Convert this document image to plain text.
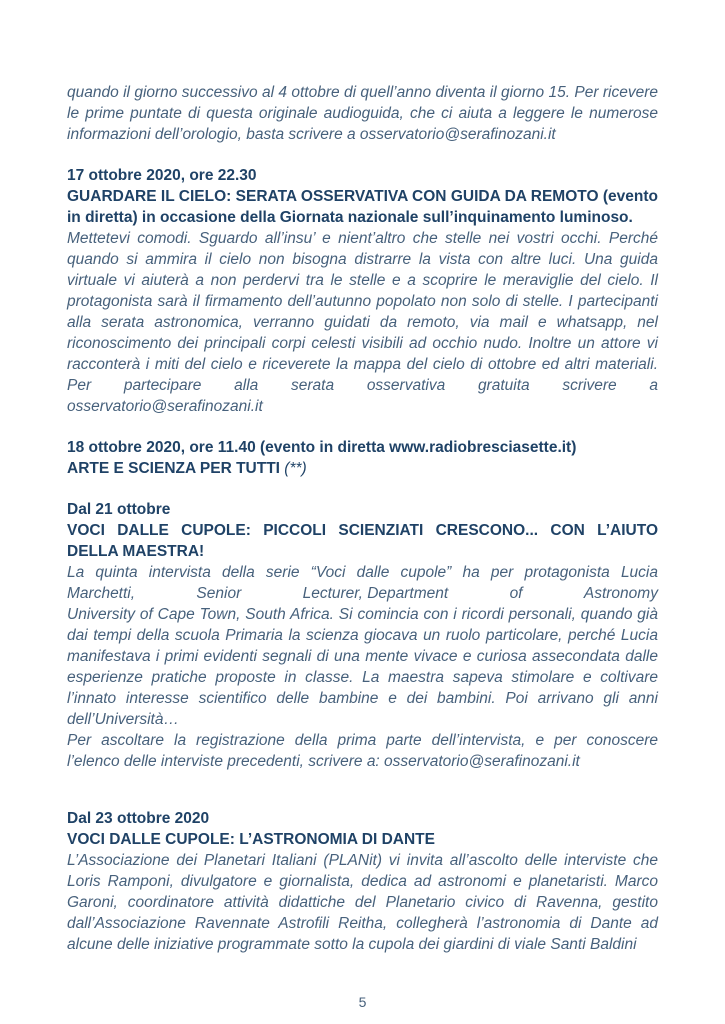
quando il giorno successivo al 4 ottobre di quell’anno diventa il giorno 15. Per ricevere le prime puntate di questa originale audioguida, che ci aiuta a leggere le numerose informazioni dell’orologio, basta scrivere a osservatorio@serafinozani.it

17 ottobre 2020, ore 22.30

GUARDARE IL CIELO: SERATA OSSERVATIVA CON GUIDA DA REMOTO (evento in diretta) in occasione della Giornata nazionale sull’inquinamento luminoso.

Mettetevi comodi. Sguardo all’insu’ e nient’altro che stelle nei vostri occhi. Perché quando si ammira il cielo non bisogna distrarre la vista con altre luci. Una guida virtuale vi aiuterà a non perdervi tra le stelle e a scoprire le meraviglie del cielo. Il protagonista sarà il firmamento dell’autunno popolato non solo di stelle. I partecipanti alla serata astronomica, verranno guidati da remoto, via mail e whatsapp, nel riconoscimento dei principali corpi celesti visibili ad occhio nudo. Inoltre un attore vi racconterà i miti del cielo e riceverete la mappa del cielo di ottobre ed altri materiali. Per partecipare alla serata osservativa gratuita scrivere a osservatorio@serafinozani.it

18 ottobre 2020, ore 11.40 (evento in diretta www.radiobresciasette.it)

ARTE E SCIENZA PER TUTTI (**)

Dal 21 ottobre

VOCI DALLE CUPOLE: PICCOLI SCIENZIATI CRESCONO... CON L’AIUTO DELLA MAESTRA!

La quinta intervista della serie “Voci dalle cupole” ha per protagonista Lucia

Marchetti,	Senior	Lecturer, Department	of	Astronomy

University of Cape Town, South Africa. Si comincia con i ricordi personali, quando già dai tempi della scuola Primaria la scienza giocava un ruolo particolare, perché Lucia manifestava i primi evidenti segnali di una mente vivace e curiosa assecondata dalle esperienze pratiche proposte in classe. La maestra sapeva stimolare e coltivare l’innato interesse scientifico delle bambine e dei bambini. Poi arrivano gli anni dell’Università…

Per ascoltare la registrazione della prima parte dell’intervista, e per conoscere l’elenco delle interviste precedenti, scrivere a: osservatorio@serafinozani.it

Dal 23 ottobre 2020

VOCI DALLE CUPOLE: L’ASTRONOMIA DI DANTE

L’Associazione dei Planetari Italiani (PLANit) vi invita all’ascolto delle interviste che Loris Ramponi, divulgatore e giornalista, dedica ad astronomi e planetaristi. Marco Garoni, coordinatore attività didattiche del Planetario civico di Ravenna, gestito dall’Associazione Ravennate Astrofili Reitha, collegherà l’astronomia di Dante ad alcune delle iniziative programmate sotto la cupola dei giardini di viale Santi Baldini

5
